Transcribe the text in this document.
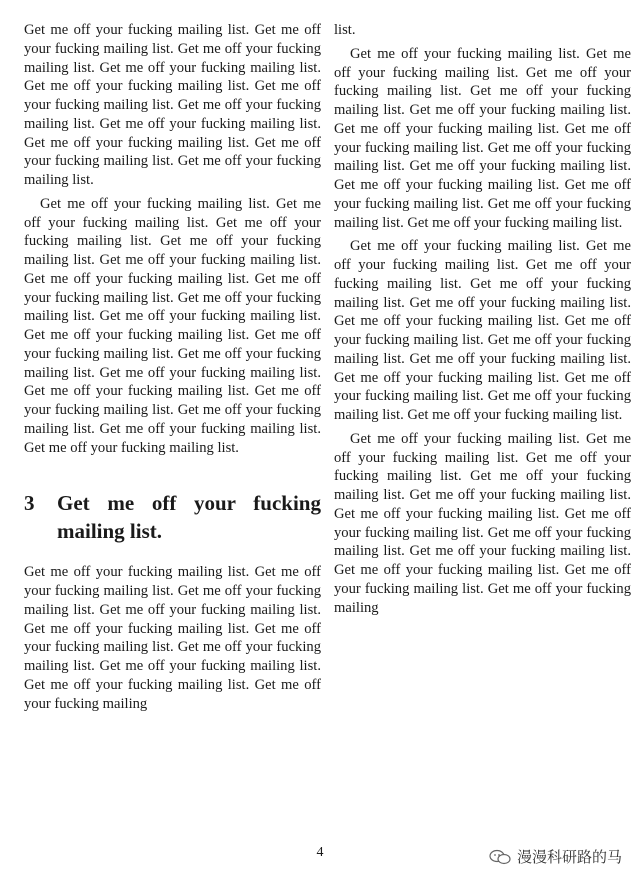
Get me off your fucking mailing list. Get me off your fucking mailing list. Get me off your fucking mailing list. Get me off your fucking mailing list. Get me off your fucking mailing list. Get me off your fucking mailing list. Get me off your fucking mailing list. Get me off your fucking mailing list. Get me off your fucking mailing list. Get me off your fucking mailing list. Get me off your fucking mailing list.

Get me off your fucking mailing list. Get me off your fucking mailing list. Get me off your fucking mailing list. Get me off your fucking mailing list. Get me off your fucking mailing list. Get me off your fucking mailing list. Get me off your fucking mailing list. Get me off your fucking mailing list. Get me off your fucking mailing list. Get me off your fucking mailing list. Get me off your fucking mailing list. Get me off your fucking mailing list. Get me off your fucking mailing list. Get me off your fucking mailing list. Get me off your fucking mailing list. Get me off your fucking mailing list. Get me off your fucking mailing list. Get me off your fucking mailing list.

3	Get me off your fucking mailing list.

Get me off your fucking mailing list. Get me off your fucking mailing list. Get me off your fucking mailing list. Get me off your fucking mailing list. Get me off your fucking mailing list. Get me off your fucking mailing list. Get me off your fucking mailing list. Get me off your fucking mailing list. Get me off your fucking mailing list. Get me off your fucking mailing

list.

Get me off your fucking mailing list. Get me off your fucking mailing list. Get me off your fucking mailing list. Get me off your fucking mailing list. Get me off your fucking mailing list. Get me off your fucking mailing list. Get me off your fucking mailing list. Get me off your fucking mailing list. Get me off your fucking mailing list. Get me off your fucking mailing list. Get me off your fucking mailing list. Get me off your fucking mailing list. Get me off your fucking mailing list.

Get me off your fucking mailing list. Get me off your fucking mailing list. Get me off your fucking mailing list. Get me off your fucking mailing list. Get me off your fucking mailing list. Get me off your fucking mailing list. Get me off your fucking mailing list. Get me off your fucking mailing list. Get me off your fucking mailing list. Get me off your fucking mailing list. Get me off your fucking mailing list. Get me off your fucking mailing list. Get me off your fucking mailing list.

Get me off your fucking mailing list. Get me off your fucking mailing list. Get me off your fucking mailing list. Get me off your fucking mailing list. Get me off your fucking mailing list. Get me off your fucking mailing list. Get me off your fucking mailing list. Get me off your fucking mailing list. Get me off your fucking mailing list. Get me off your fucking mailing list. Get me off your fucking mailing list. Get me off your fucking mailing

4	漫漫科研路的马
